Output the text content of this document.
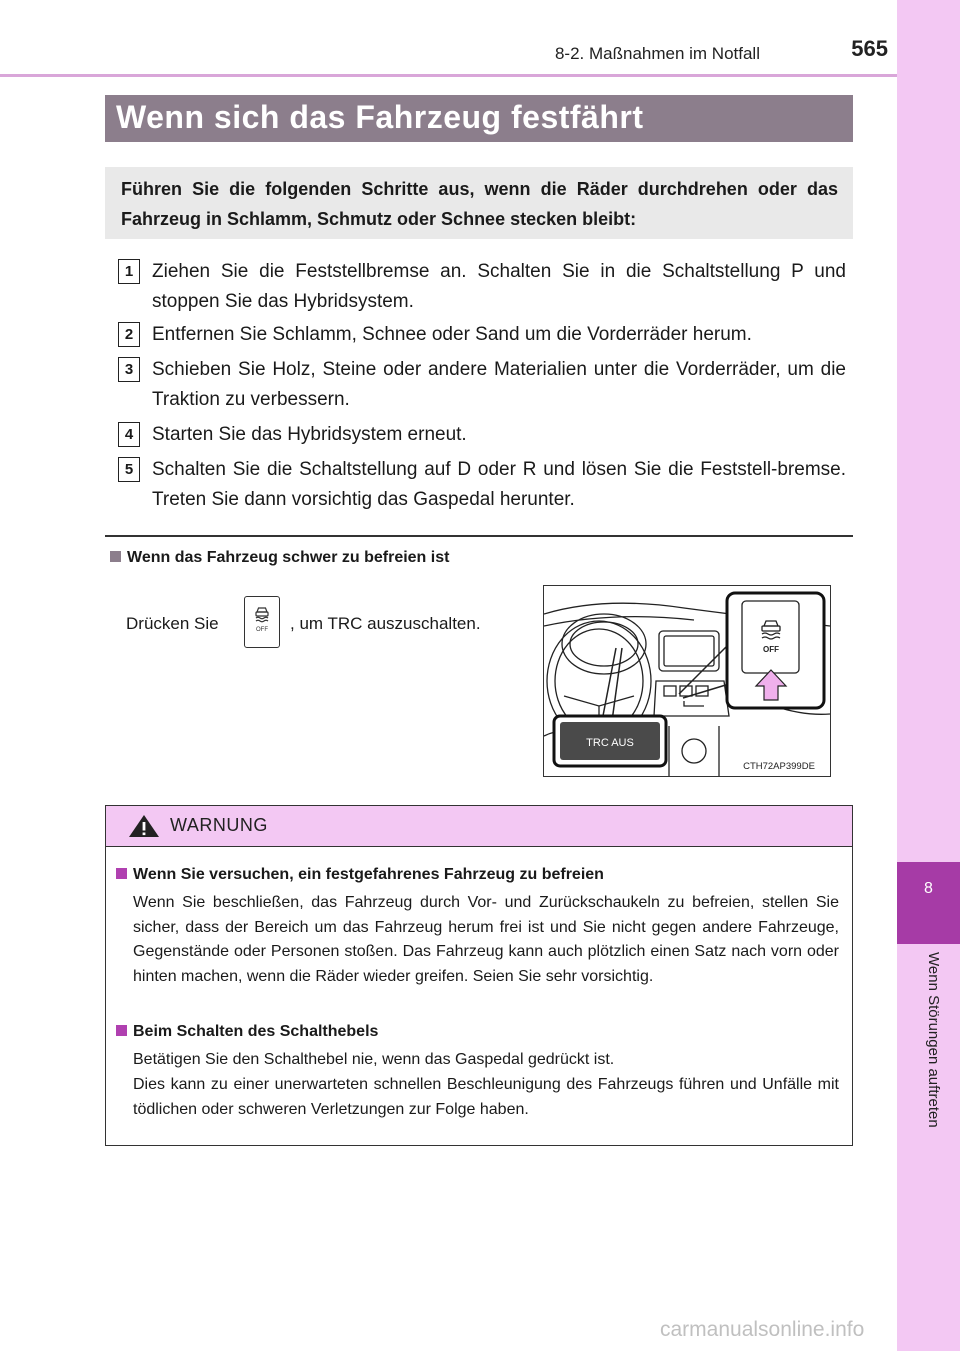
8-2. Maßnahmen im Notfall	565
8
Wenn Störungen auftreten
Wenn sich das Fahrzeug festfährt
Führen Sie die folgenden Schritte aus, wenn die Räder durchdrehen oder das Fahrzeug in Schlamm, Schmutz oder Schnee stecken bleibt:
1 Ziehen Sie die Feststellbremse an. Schalten Sie in die Schaltstellung P und stoppen Sie das Hybridsystem.
2 Entfernen Sie Schlamm, Schnee oder Sand um die Vorderräder herum.
3 Schieben Sie Holz, Steine oder andere Materialien unter die Vorderräder, um die Traktion zu verbessern.
4 Starten Sie das Hybridsystem erneut.
5 Schalten Sie die Schaltstellung auf D oder R und lösen Sie die Feststell-bremse. Treten Sie dann vorsichtig das Gaspedal herunter.
Wenn das Fahrzeug schwer zu befreien ist
Drücken Sie	OFF , um TRC auszuschalten.
TRC AUS
OFF
CTH72AP399DE
WARNUNG
Wenn Sie versuchen, ein festgefahrenes Fahrzeug zu befreien
Wenn Sie beschließen, das Fahrzeug durch Vor- und Zurückschaukeln zu befreien, stellen Sie sicher, dass der Bereich um das Fahrzeug herum frei ist und Sie nicht gegen andere Fahrzeuge, Gegenstände oder Personen stoßen. Das Fahrzeug kann auch plötzlich einen Satz nach vorn oder hinten machen, wenn die Räder wieder greifen. Seien Sie sehr vorsichtig.
Beim Schalten des Schalthebels
Betätigen Sie den Schalthebel nie, wenn das Gaspedal gedrückt ist.
Dies kann zu einer unerwarteten schnellen Beschleunigung des Fahrzeugs führen und Unfälle mit tödlichen oder schweren Verletzungen zur Folge haben.
carmanualsonline.info
